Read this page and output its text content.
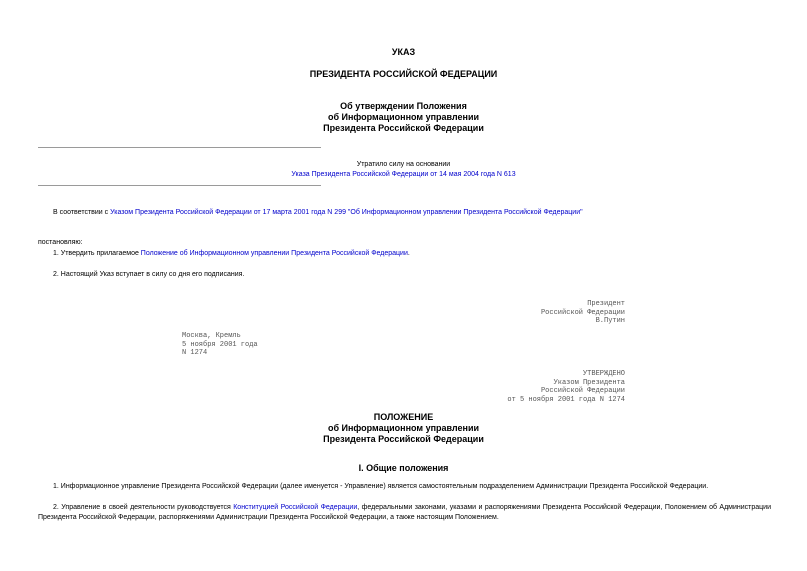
УКАЗ
ПРЕЗИДЕНТА РОССИЙСКОЙ ФЕДЕРАЦИИ
Об утверждении Положения
об Информационном управлении
Президента Российской Федерации
Утратило силу на основании
Указа Президента Российской Федерации от 14 мая 2004 года N 613
В соответствии с Указом Президента Российской Федерации от 17 марта 2001 года N 299 "Об Информационном управлении Президента Российской Федерации"
постановляю:
1. Утвердить прилагаемое Положение об Информационном управлении Президента Российской Федерации.
2. Настоящий Указ вступает в силу со дня его подписания.
Президент
Российской Федерации
В.Путин
Москва, Кремль
5 ноября 2001 года
N 1274
УТВЕРЖДЕНО
Указом Президента
Российской Федерации
от 5 ноября 2001 года N 1274
ПОЛОЖЕНИЕ
об Информационном управлении
Президента Российской Федерации
I. Общие положения
1. Информационное управление Президента Российской Федерации (далее именуется - Управление) является самостоятельным подразделением Администрации Президента Российской Федерации.
2. Управление в своей деятельности руководствуется Конституцией Российской Федерации, федеральными законами, указами и распоряжениями Президента Российской Федерации, Положением об Администрации Президента Российской Федерации, распоряжениями Администрации Президента Российской Федерации, а также настоящим Положением.
